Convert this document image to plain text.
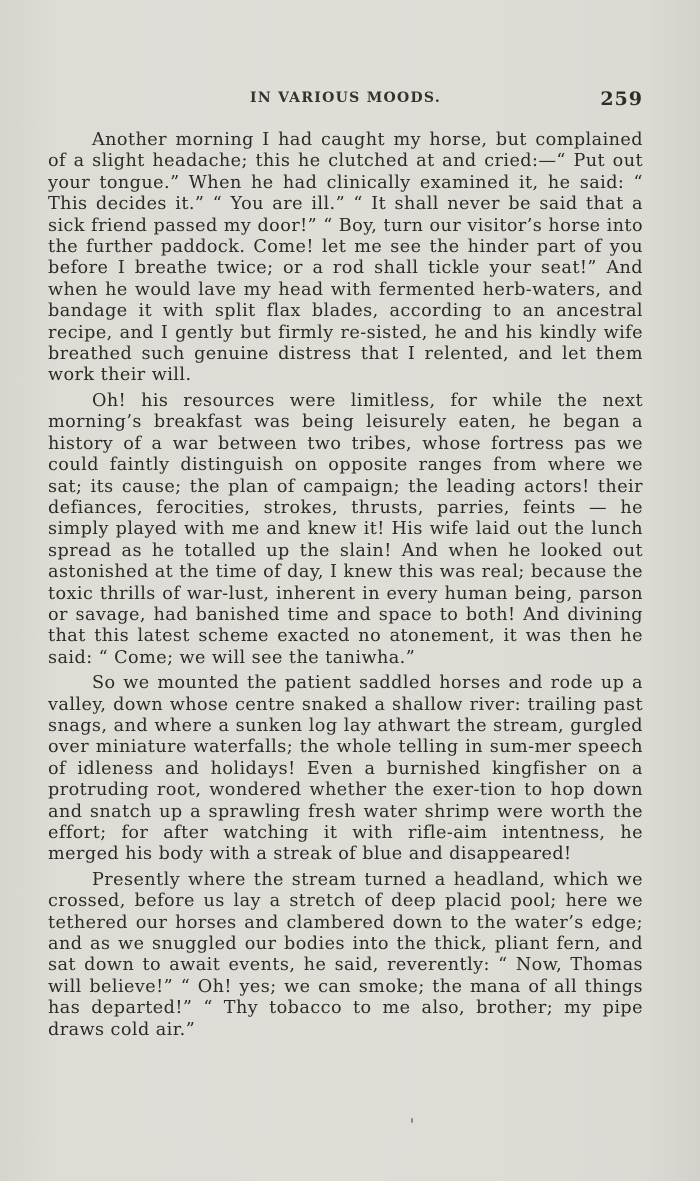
IN VARIOUS MOODS.	259

Another morning I had caught my horse, but complained of a slight headache; this he clutched at and cried:—“ Put out your tongue.” When he had clinically examined it, he said: “ This decides it.” “ You are ill.” “ It shall never be said that a sick friend passed my door!” “ Boy, turn our visitor’s horse into the further paddock. Come! let me see the hinder part of you before I breathe twice; or a rod shall tickle your seat!” And when he would lave my head with fermented herb-waters, and bandage it with split flax blades, according to an ancestral recipe, and I gently but firmly re-sisted, he and his kindly wife breathed such genuine distress that I relented, and let them work their will.

Oh! his resources were limitless, for while the next morning’s breakfast was being leisurely eaten, he began a history of a war between two tribes, whose fortress pas we could faintly distinguish on opposite ranges from where we sat; its cause; the plan of campaign; the leading actors! their defiances, ferocities, strokes, thrusts, parries, feints — he simply played with me and knew it! His wife laid out the lunch spread as he totalled up the slain! And when he looked out astonished at the time of day, I knew this was real; because the toxic thrills of war-lust, inherent in every human being, parson or savage, had banished time and space to both! And divining that this latest scheme exacted no atonement, it was then he said: “ Come; we will see the taniwha.”

So we mounted the patient saddled horses and rode up a valley, down whose centre snaked a shallow river: trailing past snags, and where a sunken log lay athwart the stream, gurgled over miniature waterfalls; the whole telling in sum-mer speech of idleness and holidays! Even a burnished kingfisher on a protruding root, wondered whether the exer-tion to hop down and snatch up a sprawling fresh water shrimp were worth the effort; for after watching it with rifle-aim intentness, he merged his body with a streak of blue and disappeared!

Presently where the stream turned a headland, which we crossed, before us lay a stretch of deep placid pool; here we tethered our horses and clambered down to the water’s edge; and as we snuggled our bodies into the thick, pliant fern, and sat down to await events, he said, reverently: “ Now, Thomas will believe!” “ Oh! yes; we can smoke; the mana of all things has departed!” “ Thy tobacco to me also, brother; my pipe draws cold air.”
